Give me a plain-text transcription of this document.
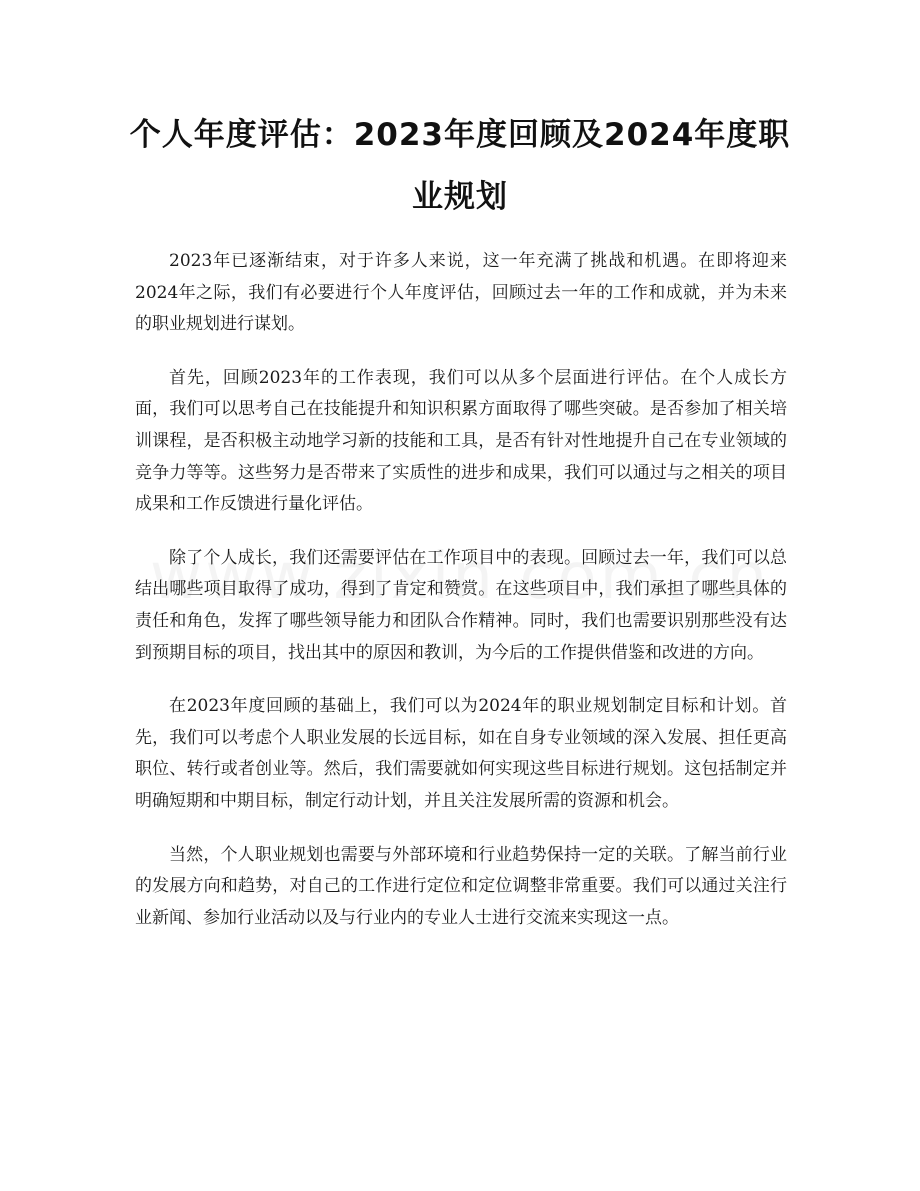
个人年度评估：2023年度回顾及2024年度职业规划

2023年已逐渐结束，对于许多人来说，这一年充满了挑战和机遇。在即将迎来2024年之际，我们有必要进行个人年度评估，回顾过去一年的工作和成就，并为未来的职业规划进行谋划。

首先，回顾2023年的工作表现，我们可以从多个层面进行评估。在个人成长方面，我们可以思考自己在技能提升和知识积累方面取得了哪些突破。是否参加了相关培训课程，是否积极主动地学习新的技能和工具，是否有针对性地提升自己在专业领域的竞争力等等。这些努力是否带来了实质性的进步和成果，我们可以通过与之相关的项目成果和工作反馈进行量化评估。

除了个人成长，我们还需要评估在工作项目中的表现。回顾过去一年，我们可以总结出哪些项目取得了成功，得到了肯定和赞赏。在这些项目中，我们承担了哪些具体的责任和角色，发挥了哪些领导能力和团队合作精神。同时，我们也需要识别那些没有达到预期目标的项目，找出其中的原因和教训，为今后的工作提供借鉴和改进的方向。

在2023年度回顾的基础上，我们可以为2024年的职业规划制定目标和计划。首先，我们可以考虑个人职业发展的长远目标，如在自身专业领域的深入发展、担任更高职位、转行或者创业等。然后，我们需要就如何实现这些目标进行规划。这包括制定并明确短期和中期目标，制定行动计划，并且关注发展所需的资源和机会。

当然，个人职业规划也需要与外部环境和行业趋势保持一定的关联。了解当前行业的发展方向和趋势，对自己的工作进行定位和定位调整非常重要。我们可以通过关注行业新闻、参加行业活动以及与行业内的专业人士进行交流来实现这一点。
